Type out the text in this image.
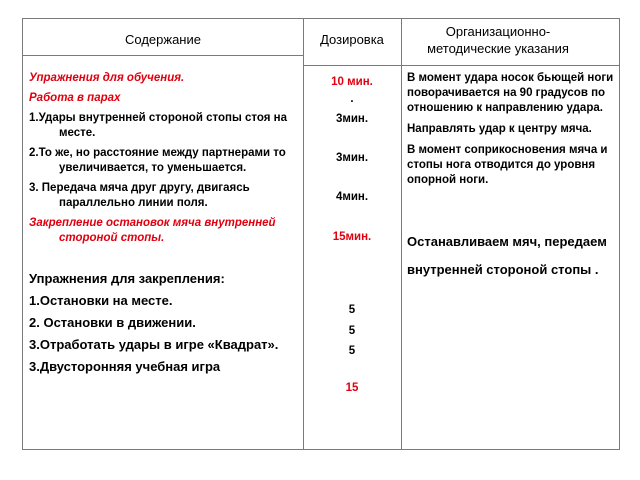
Содержание	Дозировка
Организационно-методические указания

Упражнения для обучения.

Работа в парах

1.Удары внутренней стороной стопы стоя на месте.

2.То же, но расстояние между партнерами то увеличивается, то уменьшается.

3. Передача мяча друг другу, двигаясь параллельно линии поля.

Закрепление остановок мяча внутренней стороной стопы.

Упражнения для закрепления:

1.Остановки на месте.

2. Остановки в движении.

3.Отработать удары в игре «Квадрат».

3.Двусторонняя учебная игра

10 мин.
.
3мин.
3мин.
4мин.
15мин.
5
5
5
15

В момент удара носок бьющей ноги поворачивается на 90 градусов по отношению к направлению удара.

Направлять удар к центру мяча.

В момент соприкосновения мяча и стопы нога отводится до уровня опорной ноги.

Останавливаем мяч, передаем внутренней стороной стопы .
